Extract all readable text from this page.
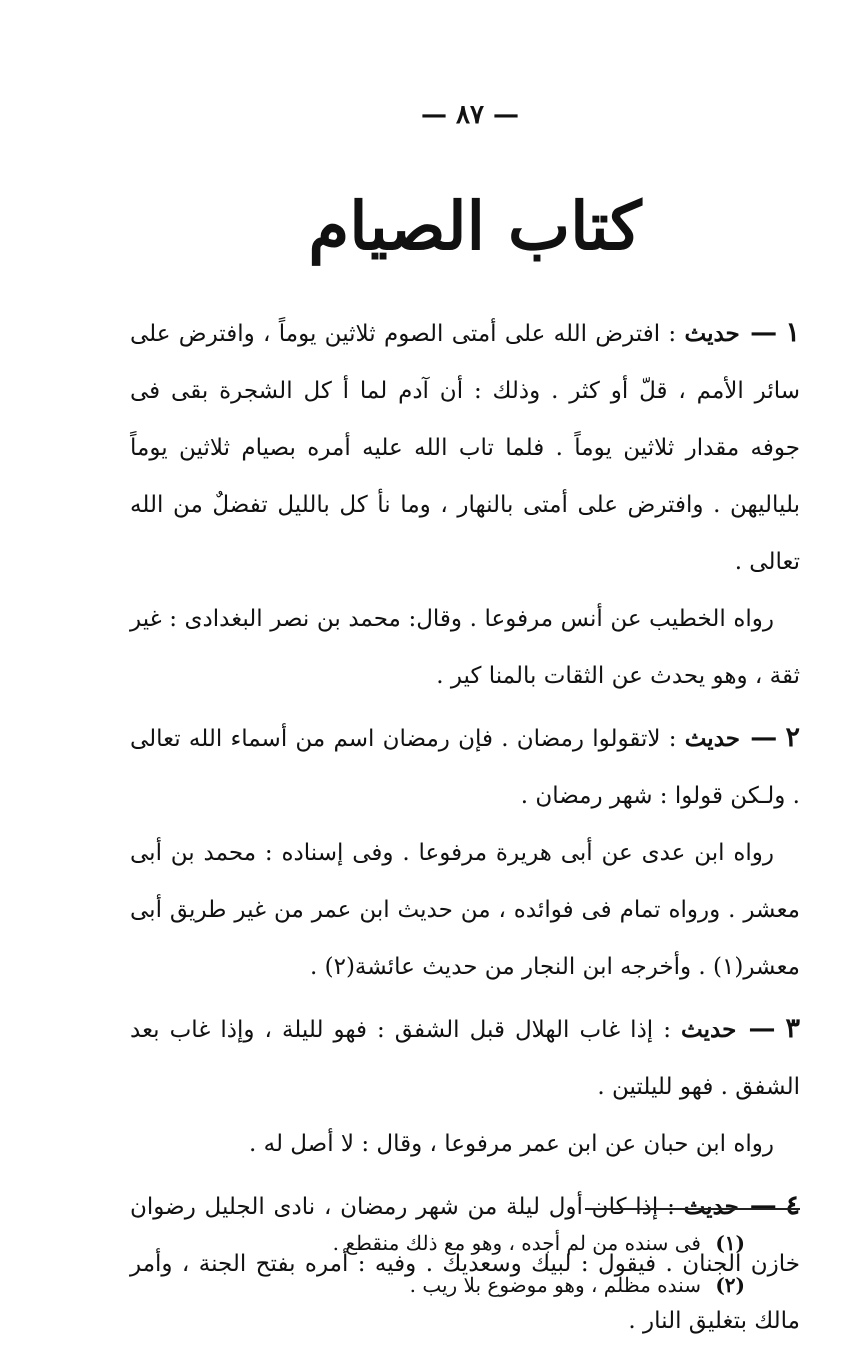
— ٨٧ —
كتاب الصيام

١ — حديث : افترض الله على أمتى الصوم ثلاثين يوماً ، وافترض على سائر الأمم ، قلّ أو كثر . وذلك : أن آدم لما أ كل الشجرة بقى فى جوفه مقدار ثلاثين يوماً . فلما تاب الله عليه أمره بصيام ثلاثين يوماً بلياليهن . وافترض على أمتى بالنهار ، وما نأ كل بالليل تفضلٌ من الله تعالى .

رواه الخطيب عن أنس مرفوعا . وقال: محمد بن نصر البغدادى : غير ثقة ، وهو يحدث عن الثقات بالمنا كير .

٢ — حديث : لاتقولوا رمضان . فإن رمضان اسم من أسماء الله تعالى . ولـكن قولوا : شهر رمضان .

رواه ابن عدى عن أبى هريرة مرفوعا . وفى إسناده : محمد بن أبى معشر . ورواه تمام فى فوائده ، من حديث ابن عمر من غير طريق أبى معشر(١) . وأخرجه ابن النجار من حديث عائشة(٢) .

٣ — حديث : إذا غاب الهلال قبل الشفق : فهو لليلة ، وإذا غاب بعد الشفق . فهو لليلتين .

رواه ابن حبان عن ابن عمر مرفوعا ، وقال : لا أصل له .

٤ — حديث : إذا كان أول ليلة من شهر رمضان ، نادى الجليل رضوان خازن الجنان . فيقول : لبيك وسعديك . وفيه : أمره بفتح الجنة ، وأمر مالك بتغليق النار .

(١) فى سنده من لم أجده ، وهو مع ذلك منقطع .

(٢) سنده مظلم ، وهو موضوع بلا ريب .
